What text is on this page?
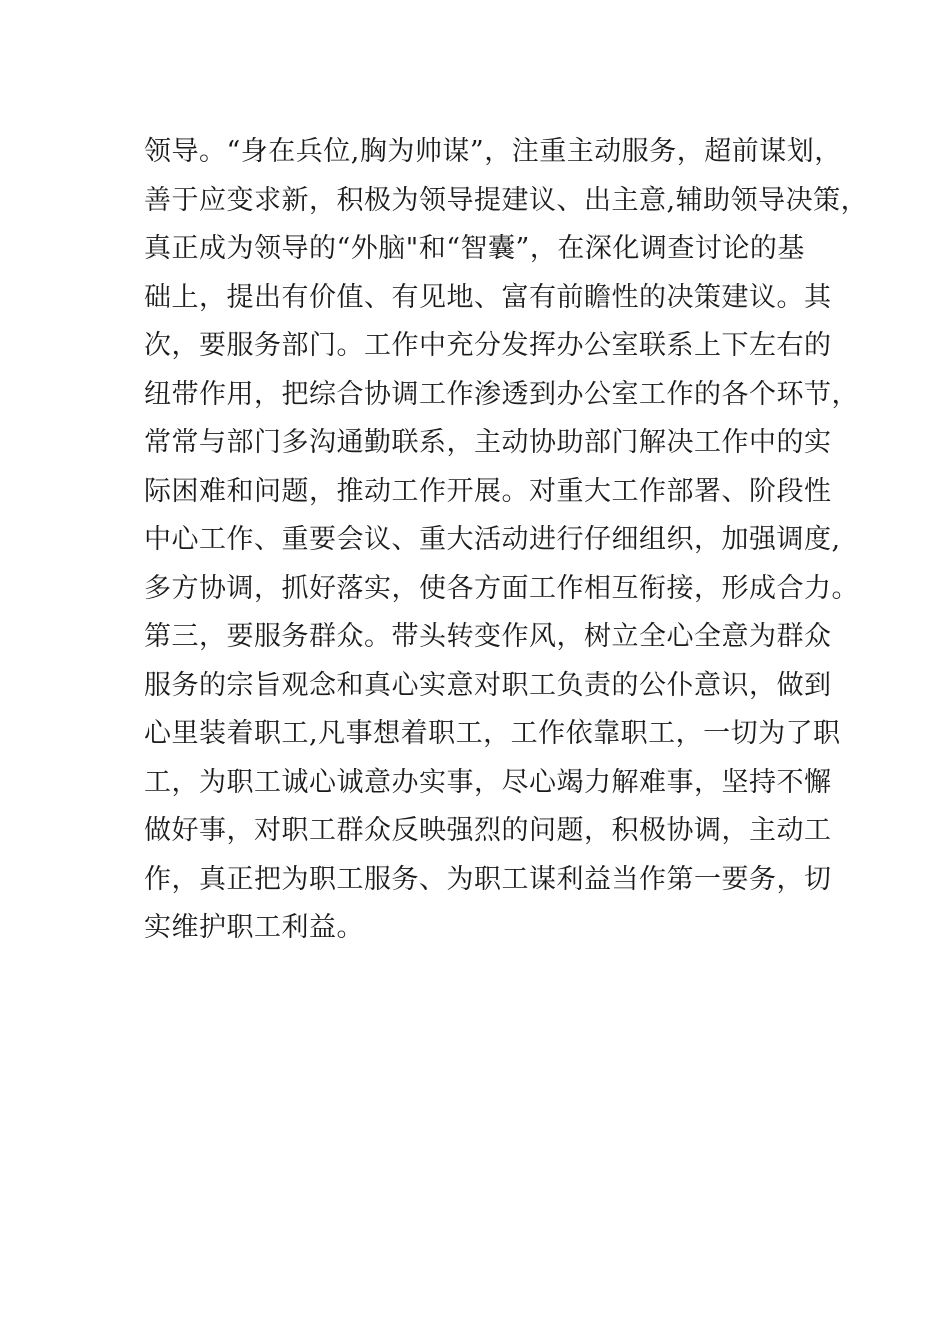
领导。“身在兵位,胸为帅谋”，注重主动服务，超前谋划，
善于应变求新，积极为领导提建议、出主意,辅助领导决策，
真正成为领导的“外脑"和“智囊”，在深化调查讨论的基
础上，提出有价值、有见地、富有前瞻性的决策建议。其
次，要服务部门。工作中充分发挥办公室联系上下左右的
纽带作用，把综合协调工作渗透到办公室工作的各个环节，
常常与部门多沟通勤联系，主动协助部门解决工作中的实
际困难和问题，推动工作开展。对重大工作部署、阶段性
中心工作、重要会议、重大活动进行仔细组织，加强调度,
多方协调，抓好落实，使各方面工作相互衔接，形成合力。
第三，要服务群众。带头转变作风，树立全心全意为群众
服务的宗旨观念和真心实意对职工负责的公仆意识，做到
心里装着职工,凡事想着职工，工作依靠职工，一切为了职
工，为职工诚心诚意办实事，尽心竭力解难事，坚持不懈
做好事，对职工群众反映强烈的问题，积极协调，主动工
作，真正把为职工服务、为职工谋利益当作第一要务，切
实维护职工利益。
